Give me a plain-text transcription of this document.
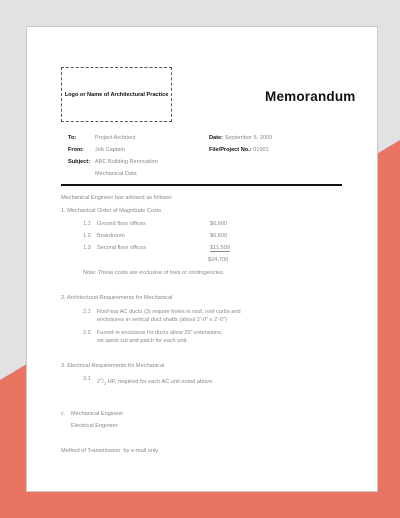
Logo or Name of Architectural Practice	Memorandum
To:	Project Architect
From: Job Captain
Subject: ABC Building Renovation
Mechanical Data
Date: September 5, 2009
File/Project No.: 01901
Mechanical Engineer has advised as follows:
1. Mechanical Order of Magnitude Costs
1.1 Ground floor offices	$6,600
1.2 Boardroom	$6,600
1.3 Second floor offices	$11,500
$24,700
Note: These costs are exclusive of fees or contingencies.
2. Architectural Requirements for Mechanical
2.1 Roof-top AC ducts (3) require holes in roof, roof curbs and
enclosures in vertical duct shafts (about 2'-0" x 2'-0")
2.2 Furred-in enclosure for ducts allow 20" extensions,
six spots cut and patch for each unit.
3. Electrical Requirements for Mechanical
3.1 $2^1/_2$ HP, required for each AC unit noted above.
c. Mechanical Engineer
Electrical Engineer
Method of Transmission: by e-mail only.
